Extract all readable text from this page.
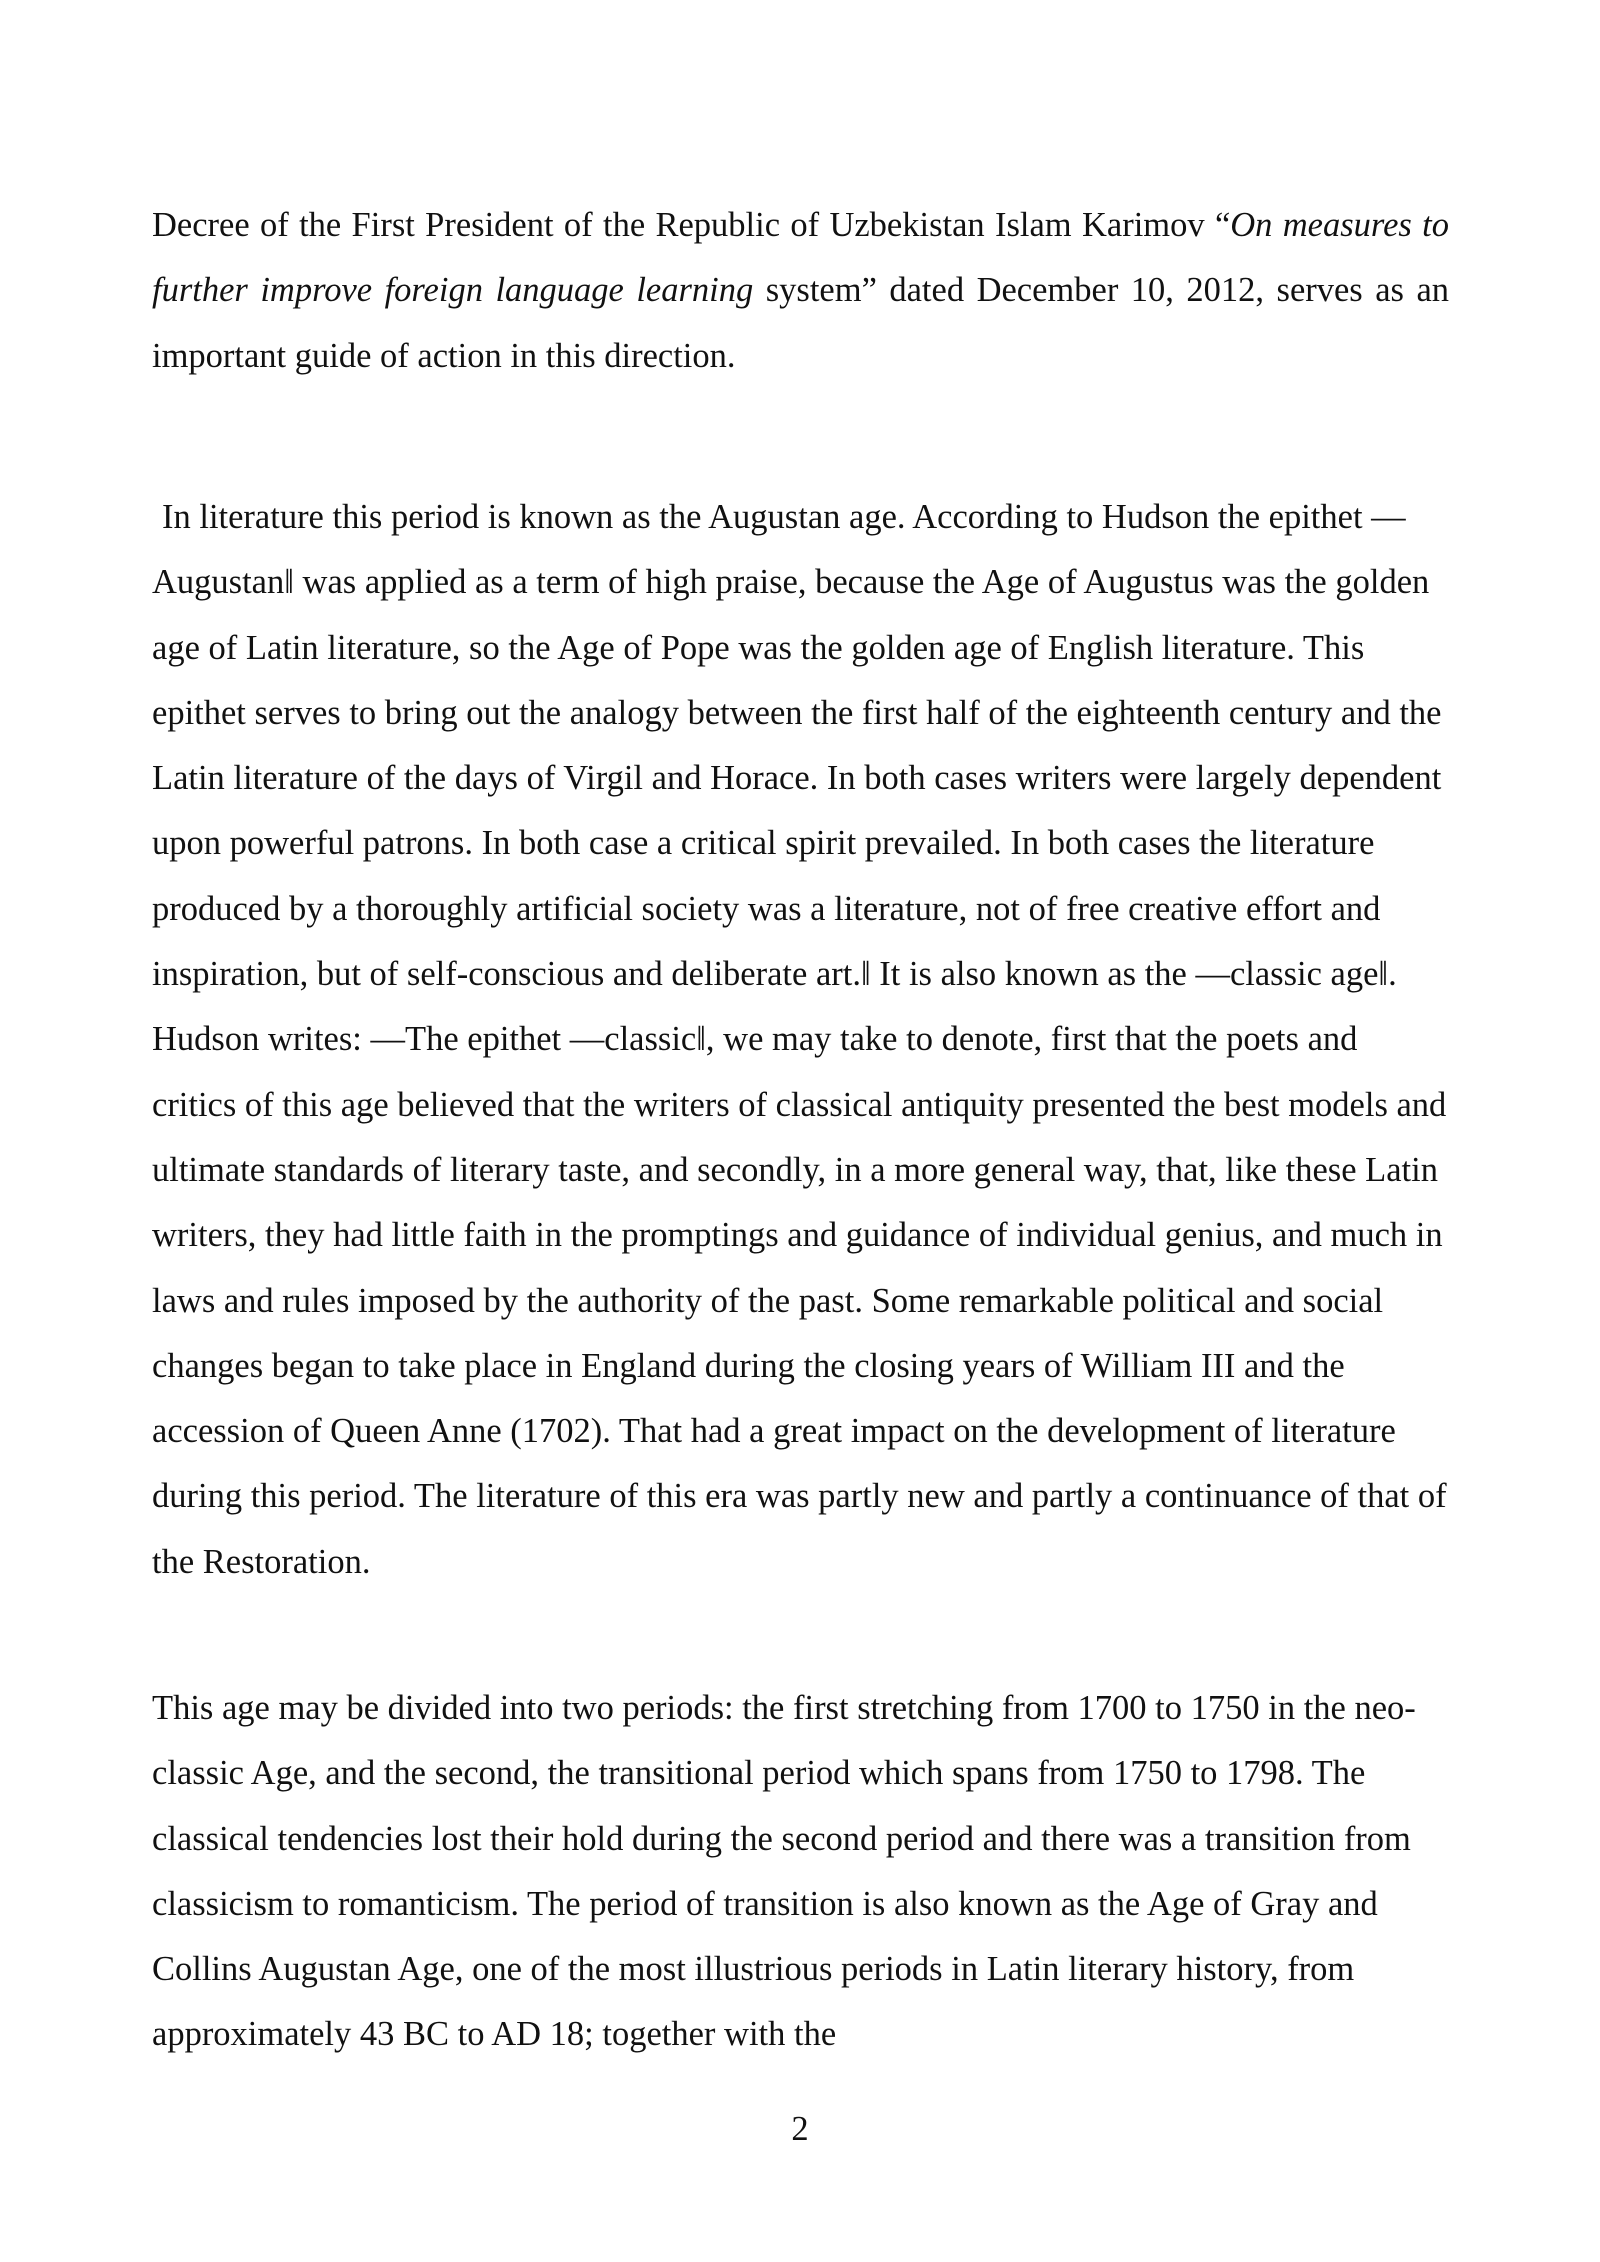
Decree of the First President of the Republic of Uzbekistan Islam Karimov “On measures to further improve foreign language learning system” dated December 10, 2012, serves as an important guide of action in this direction.

In literature this period is known as the Augustan age. According to Hudson the epithet —Augustan‖ was applied as a term of high praise, because the Age of Augustus was the golden age of Latin literature, so the Age of Pope was the golden age of English literature. This epithet serves to bring out the analogy between the first half of the eighteenth century and the Latin literature of the days of Virgil and Horace. In both cases writers were largely dependent upon powerful patrons. In both case a critical spirit prevailed. In both cases the literature produced by a thoroughly artificial society was a literature, not of free creative effort and inspiration, but of self-conscious and deliberate art.‖ It is also known as the —classic age‖. Hudson writes: —The epithet —classic‖, we may take to denote, first that the poets and critics of this age believed that the writers of classical antiquity presented the best models and ultimate standards of literary taste, and secondly, in a more general way, that, like these Latin writers, they had little faith in the promptings and guidance of individual genius, and much in laws and rules imposed by the authority of the past. Some remarkable political and social changes began to take place in England during the closing years of William III and the accession of Queen Anne (1702). That had a great impact on the development of literature during this period. The literature of this era was partly new and partly a continuance of that of the Restoration.

This age may be divided into two periods: the first stretching from 1700 to 1750 in the neo-classic Age, and the second, the transitional period which spans from 1750 to 1798. The classical tendencies lost their hold during the second period and there was a transition from classicism to romanticism. The period of transition is also known as the Age of Gray and Collins Augustan Age, one of the most illustrious periods in Latin literary history, from approximately 43 BC to AD 18; together with the

2
